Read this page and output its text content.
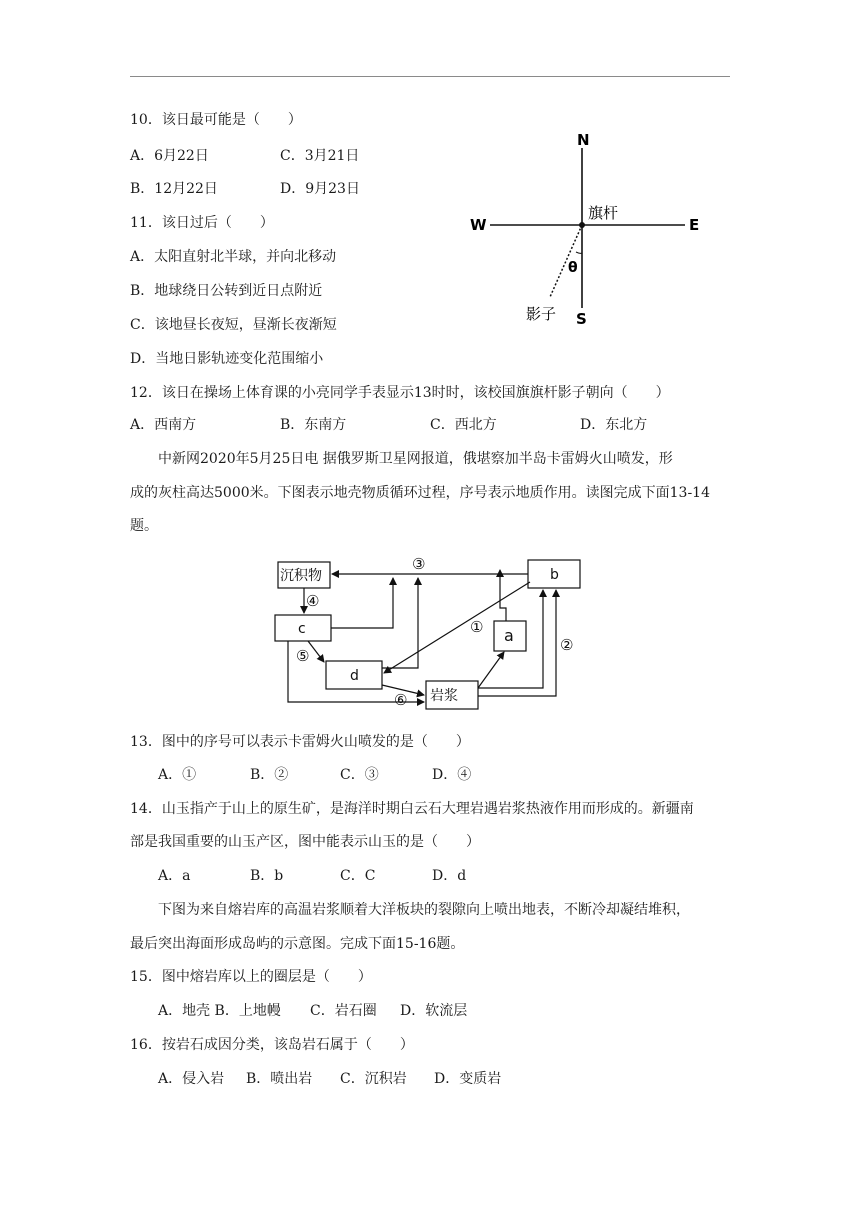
10．该日最可能是（　　）
A．6月22日	C．3月21日
B．12月22日	D．9月23日
11．该日过后（　　）
A．太阳直射北半球，并向北移动
B．地球绕日公转到近日点附近
C．该地昼长夜短，昼渐长夜渐短
D．当地日影轨迹变化范围缩小
N
S
E
W
旗杆
θ
影子
12．该日在操场上体育课的小亮同学手表显示13时时，该校国旗旗杆影子朝向（　　）
A．西南方	B．东南方	C．西北方	D．东北方
中新网2020年5月25日电 据俄罗斯卫星网报道，俄堪察加半岛卡雷姆火山喷发，形
成的灰柱高达5000米。下图表示地壳物质循环过程，序号表示地质作用。读图完成下面13-14
题。
沉积物	b
c
d
a
岩浆
③
④
⑤
⑥
①
②
13．图中的序号可以表示卡雷姆火山喷发的是（　　）
A．①	B．②	C．③	D．④
14．山玉指产于山上的原生矿，是海洋时期白云石大理岩遇岩浆热液作用而形成的。新疆南
部是我国重要的山玉产区，图中能表示山玉的是（　　）
A．a	B．b	C．C	D．d
下图为来自熔岩库的高温岩浆顺着大洋板块的裂隙向上喷出地表，不断冷却凝结堆积，
最后突出海面形成岛屿的示意图。完成下面15-16题。
15．图中熔岩库以上的圈层是（　　）
A．地壳 B．上地幔 C．岩石圈 D．软流层
16．按岩石成因分类，该岛岩石属于（　　）
A．侵入岩 B．喷出岩 C．沉积岩 D．变质岩
